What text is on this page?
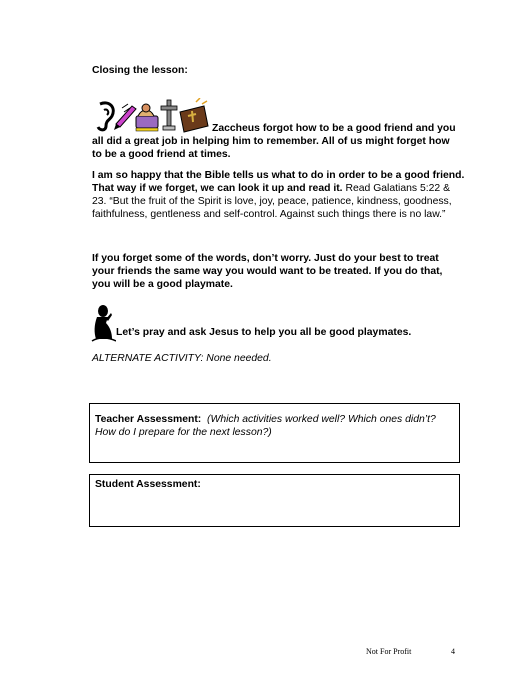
Closing the lesson:
Zaccheus forgot how to be a good friend and you
all did a great job in helping him to remember. All of us might forget how
to be a good friend at times.
I am so happy that the Bible tells us what to do in order to be a good friend.
That way if we forget, we can look it up and read it. Read Galatians 5:22 &
23. “But the fruit of the Spirit is love, joy, peace, patience, kindness, goodness,
faithfulness, gentleness and self-control. Against such things there is no law.”
If you forget some of the words, don’t worry. Just do your best to treat
your friends the same way you would want to be treated. If you do that,
you will be a good playmate.
Let’s pray and ask Jesus to help you all be good playmates.
ALTERNATE ACTIVITY: None needed.
Teacher Assessment: (Which activities worked well? Which ones didn’t?
How do I prepare for the next lesson?)
Student Assessment:
Not For Profit	4
